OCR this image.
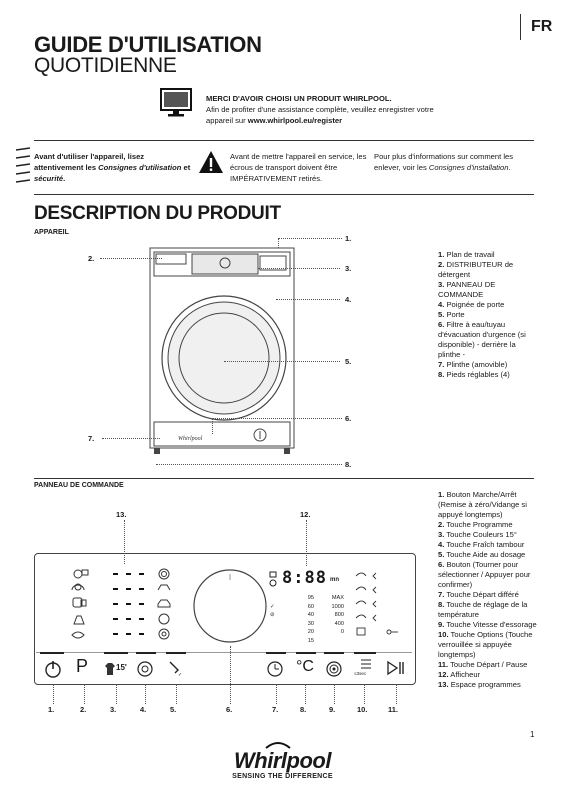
FR
GUIDE D'UTILISATION
QUOTIDIENNE
MERCI D'AVOIR CHOISI UN PRODUIT WHIRLPOOL.
Afin de profiter d'une assistance complète, veuillez enregistrer votre
appareil sur www.whirlpool.eu/register
Avant d'utiliser l'appareil, lisez attentivement les Consignes d'utilisation et sécurité.
Avant de mettre l'appareil en service, les écrous de transport doivent être IMPÉRATIVEMENT retirés.
Pour plus d'informations sur comment les enlever, voir les Consignes d'installation.
DESCRIPTION DU PRODUIT
APPAREIL
Whirlpool
1.
2.
3.
4.
5.
6.
7.
8.
1. Plan de travail
2. DISTRIBUTEUR de détergent
3. PANNEAU DE COMMANDE
4. Poignée de porte
5. Porte
6. Filtre à eau/tuyau d'évacuation d'urgence (si disponible) - derrière la plinthe -
7. Plinthe (amovible)
8. Pieds réglables (4)
PANNEAU DE COMMANDE
13.	12.
8:88 mn
✓
⊘
95
60
40
30
20
15
MAX
1000
800
400
0
P	15'
✓	°C	≡3sec
1.	2.	3.	4.	5.	6.	7.	8.	9.	10.	11.
1. Bouton Marche/Arrêt (Remise à zéro/Vidange si appuyé longtemps)
2. Touche Programme
3. Touche Couleurs 15°
4. Touche Fraîch tambour
5. Touche Aide au dosage
6. Bouton (Tourner pour sélectionner / Appuyer pour confirmer)
7. Touche Départ différé
8. Touche de réglage de la température
9. Touche Vitesse d'essorage
10. Touche Options (Touche verrouillée si appuyée longtemps)
11. Touche Départ / Pause
12. Afficheur
13. Espace programmes
1
Whirlpool
SENSING THE DIFFERENCE
